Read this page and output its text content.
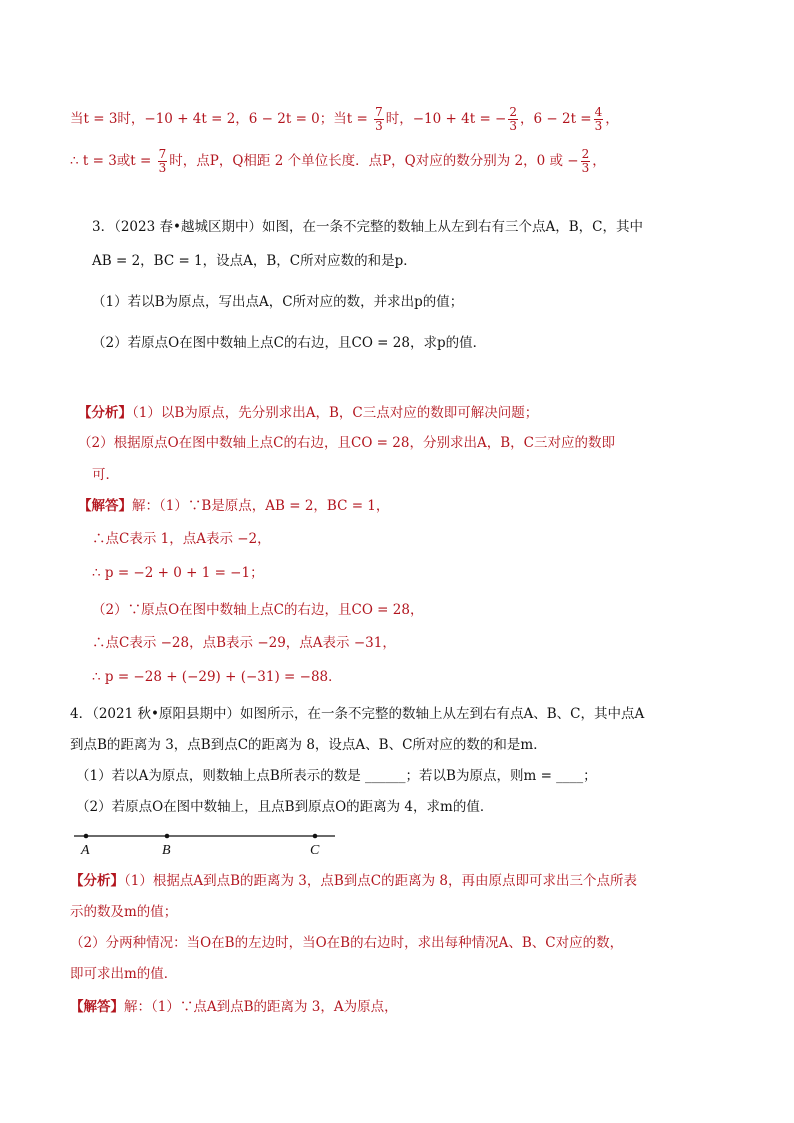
当t = 3时，−10 + 4t = 2，6 − 2t = 0；当$t = \frac{7}{3}$ 时，−10 + 4t = − $\frac{2}{3}$ ，$6 - 2t = \frac{4}{3}$ ，
∴ t = 3或$t = \frac{7}{3}$ 时，点P，Q相距 2 个单位长度．点P，Q对应的数分别为 2，0 或 − $\frac{2}{3}$ ，
3．（2023 春•越城区期中）如图，在一条不完整的数轴上从左到右有三个点A，B，C，其中
AB = 2，BC = 1，设点A，B，C所对应数的和是p．
（1）若以B为原点，写出点A，C所对应的数，并求出p的值；
（2）若原点O在图中数轴上点C的右边，且CO = 28，求p的值．
【分析】（1）以B为原点，先分别求出A，B，C三点对应的数即可解决问题；
（2）根据原点O在图中数轴上点C的右边，且CO = 28，分别求出A，B，C三对应的数即
可．
【解答】解：（1）∵B是原点，AB = 2，BC = 1，
∴点C表示 1，点A表示 −2，
∴ p = −2 + 0 + 1 = −1；
（2）∵原点O在图中数轴上点C的右边，且CO = 28，
∴点C表示 −28，点B表示 −29，点A表示 −31，
∴ p = −28 + (−29) + (−31) = −88．
4．（2021 秋•原阳县期中）如图所示，在一条不完整的数轴上从左到右有点A、B、C，其中点A
到点B的距离为 3，点B到点C的距离为 8，设点A、B、C所对应的数的和是m．
（1）若以A为原点，则数轴上点B所表示的数是 ______；若以B为原点，则m = ____；
（2）若原点O在图中数轴上，且点B到原点O的距离为 4，求m的值．
A	B	C
【分析】（1）根据点A到点B的距离为 3，点B到点C的距离为 8，再由原点即可求出三个点所表
示的数及m的值；
（2）分两种情况：当O在B的左边时，当O在B的右边时，求出每种情况A、B、C对应的数，
即可求出m的值．
【解答】解：（1）∵点A到点B的距离为 3，A为原点，
